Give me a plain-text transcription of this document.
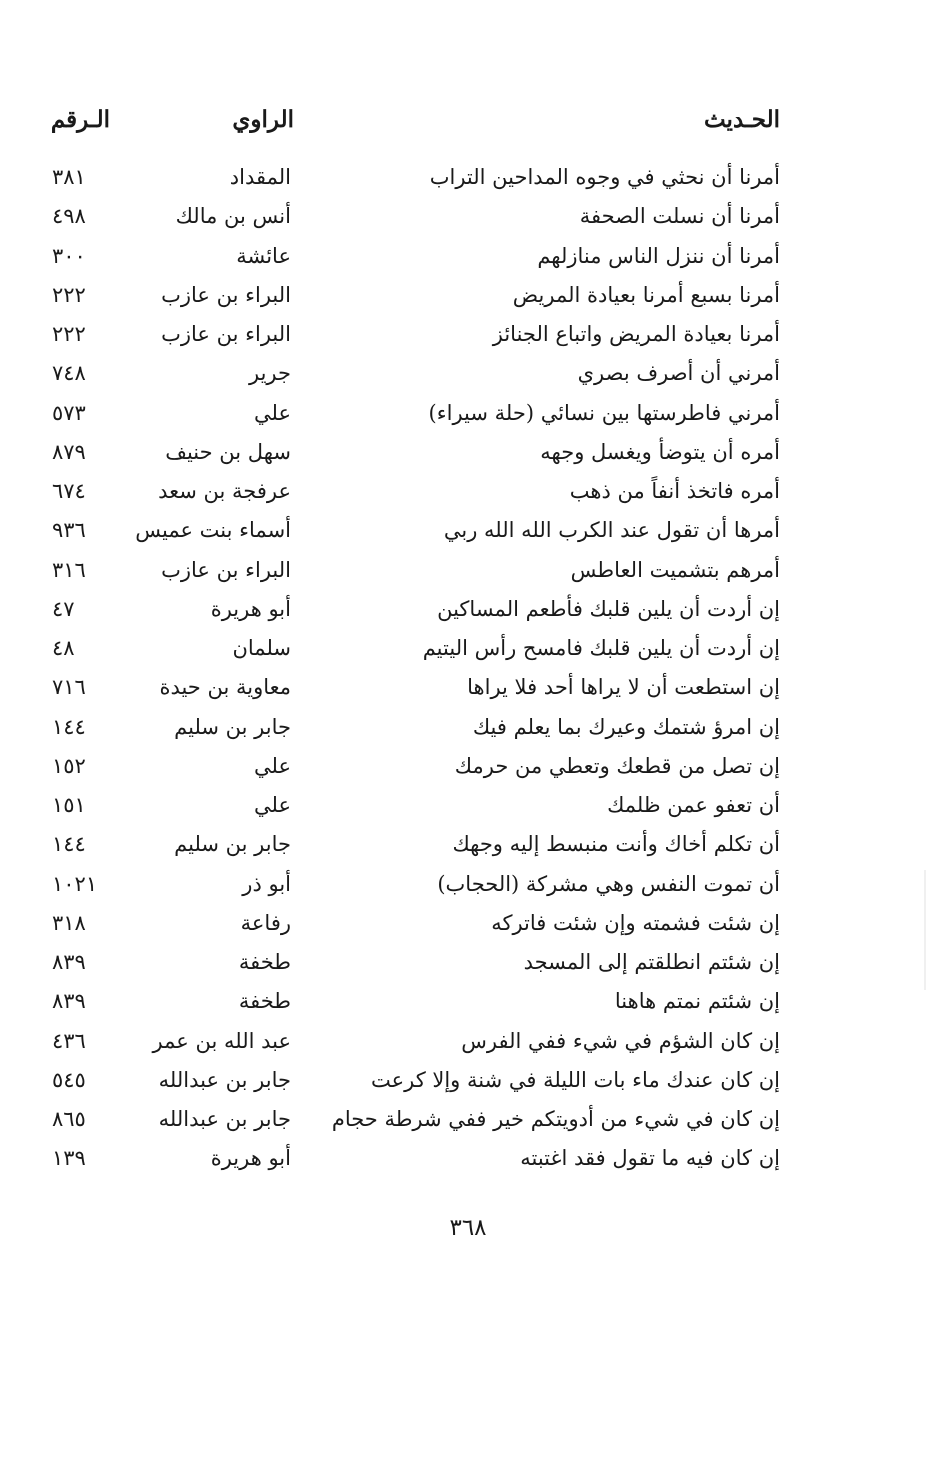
الحـديث
الراوي
الـرقم
أمرنا أن نحثي في وجوه المداحين التراب
المقداد
٣٨١
أمرنا أن نسلت الصحفة
أنس بن مالك
٤٩٨
أمرنا أن ننزل الناس منازلهم
عائشة
٣٠٠
أمرنا بسبع أمرنا بعيادة المريض
البراء بن عازب
٢٢٢
أمرنا بعيادة المريض واتباع الجنائز
البراء بن عازب
٢٢٢
أمرني أن أصرف بصري
جرير
٧٤٨
أمرني فاطرستها بين نسائي (حلة سيراء)
علي
٥٧٣
أمره أن يتوضأ ويغسل وجهه
سهل بن حنيف
٨٧٩
أمره فاتخذ أنفاً من ذهب
عرفجة بن سعد
٦٧٤
أمرها أن تقول عند الكرب الله الله ربي
أسماء بنت عميس
٩٣٦
أمرهم بتشميت العاطس
البراء بن عازب
٣١٦
إن أردت أن يلين قلبك فأطعم المساكين
أبو هريرة
٤٧
إن أردت أن يلين قلبك فامسح رأس اليتيم
سلمان
٤٨
إن استطعت أن لا يراها أحد فلا يراها
معاوية بن حيدة
٧١٦
إن امرؤ شتمك وعيرك بما يعلم فيك
جابر بن سليم
١٤٤
إن تصل من قطعك وتعطي من حرمك
علي
١٥٢
أن تعفو عمن ظلمك
علي
١٥١
أن تكلم أخاك وأنت منبسط إليه وجهك
جابر بن سليم
١٤٤
أن تموت النفس وهي مشركة (الحجاب)
أبو ذر
١٠٢١
إن شئت فشمته وإن شئت فاتركه
رفاعة
٣١٨
إن شئتم انطلقتم إلى المسجد
طخفة
٨٣٩
إن شئتم نمتم هاهنا
طخفة
٨٣٩
إن كان الشؤم في شيء ففي الفرس
عبد الله بن عمر
٤٣٦
إن كان عندك ماء بات الليلة في شنة وإلا كرعت
جابر بن عبدالله
٥٤٥
إن كان في شيء من أدويتكم خير ففي شرطة حجام
جابر بن عبدالله
٨٦٥
إن كان فيه ما تقول فقد اغتبته
أبو هريرة
١٣٩
٣٦٨
